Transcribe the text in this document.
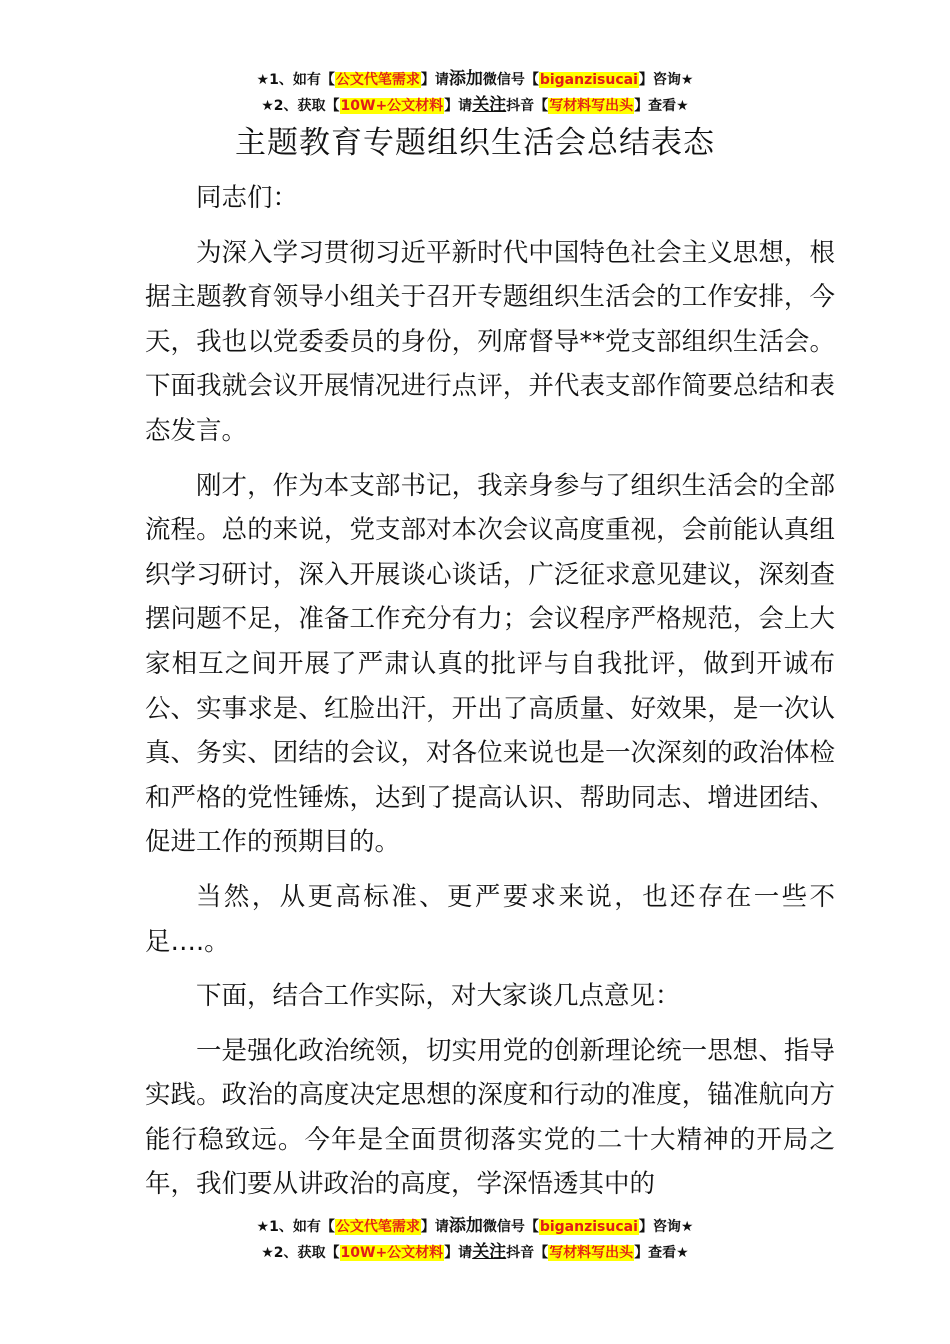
★1、如有【公文代笔需求】请添加微信号【biganzisucai】咨询★
★2、获取【10W+公文材料】请关注抖音【写材料写出头】查看★
主题教育专题组织生活会总结表态

同志们：

为深入学习贯彻习近平新时代中国特色社会主义思想，根据主题教育领导小组关于召开专题组织生活会的工作安排，今天，我也以党委委员的身份，列席督导**党支部组织生活会。下面我就会议开展情况进行点评，并代表支部作简要总结和表态发言。

刚才，作为本支部书记，我亲身参与了组织生活会的全部流程。总的来说，党支部对本次会议高度重视，会前能认真组织学习研讨，深入开展谈心谈话，广泛征求意见建议，深刻查摆问题不足，准备工作充分有力；会议程序严格规范，会上大家相互之间开展了严肃认真的批评与自我批评，做到开诚布公、实事求是、红脸出汗，开出了高质量、好效果，是一次认真、务实、团结的会议，对各位来说也是一次深刻的政治体检和严格的党性锤炼，达到了提高认识、帮助同志、增进团结、促进工作的预期目的。

当然，从更高标准、更严要求来说，也还存在一些不足….。

下面，结合工作实际，对大家谈几点意见：

一是强化政治统领，切实用党的创新理论统一思想、指导实践。政治的高度决定思想的深度和行动的准度，锚准航向方能行稳致远。今年是全面贯彻落实党的二十大精神的开局之年，我们要从讲政治的高度，学深悟透其中的

★1、如有【公文代笔需求】请添加微信号【biganzisucai】咨询★
★2、获取【10W+公文材料】请关注抖音【写材料写出头】查看★
